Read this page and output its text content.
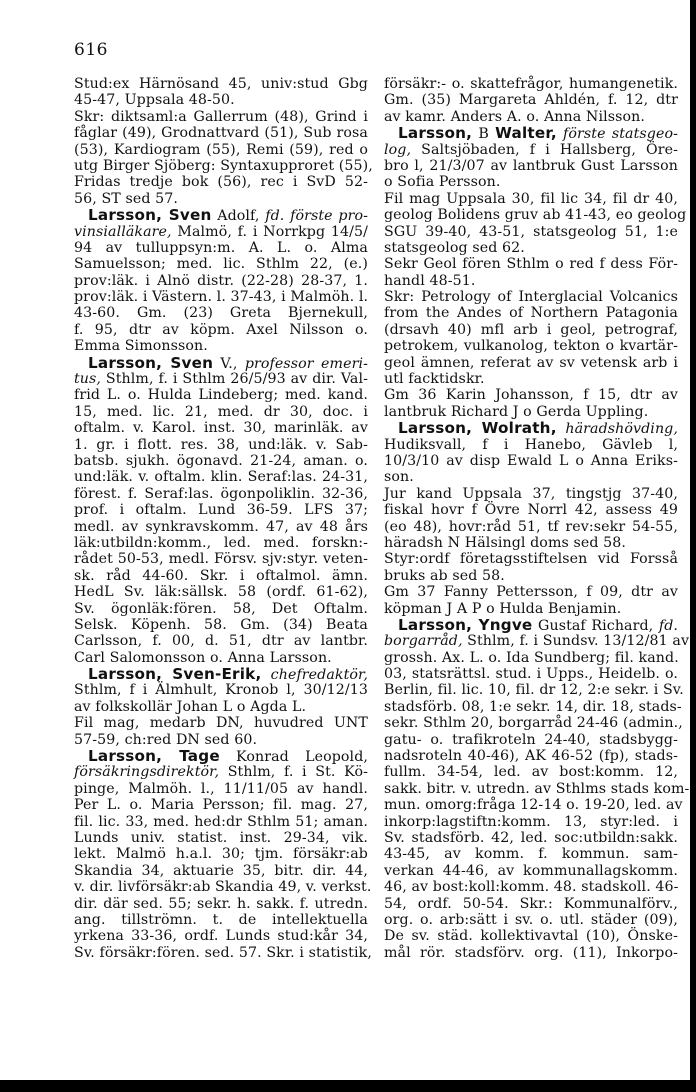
616
Stud:ex Härnösand 45, univ:stud Gbg
45-47, Uppsala 48-50.
Skr: diktsaml:a Gallerrum (48), Grind i
fåglar (49), Grodnattvard (51), Sub rosa
(53), Kardiogram (55), Remi (59), red o
utg Birger Sjöberg: Syntaxupproret (55),
Fridas tredje bok (56), rec i SvD 52-
56, ST sed 57.
Larsson, Sven Adolf, fd. förste pro-
vinsialläkare, Malmö, f. i Norrkpg 14/5/
94 av tulluppsyn:m. A. L. o. Alma
Samuelsson; med. lic. Sthlm 22, (e.)
prov:läk. i Alnö distr. (22-28) 28-37, 1.
prov:läk. i Västern. l. 37-43, i Malmöh. l.
43-60. Gm. (23) Greta Bjernekull,
f. 95, dtr av köpm. Axel Nilsson o.
Emma Simonsson.
Larsson, Sven V., professor emeri-
tus, Sthlm, f. i Sthlm 26/5/93 av dir. Val-
frid L. o. Hulda Lindeberg; med. kand.
15, med. lic. 21, med. dr 30, doc. i
oftalm. v. Karol. inst. 30, marinläk. av
1. gr. i flott. res. 38, und:läk. v. Sab-
batsb. sjukh. ögonavd. 21-24, aman. o.
und:läk. v. oftalm. klin. Seraf:las. 24-31,
förest. f. Seraf:las. ögonpoliklin. 32-36,
prof. i oftalm. Lund 36-59. LFS 37;
medl. av synkravskomm. 47, av 48 års
läk:utbildn:komm., led. med. forskn:-
rådet 50-53, medl. Försv. sjv:styr. veten-
sk. råd 44-60. Skr. i oftalmol. ämn.
HedL Sv. läk:sällsk. 58 (ordf. 61-62),
Sv. ögonläk:fören. 58, Det Oftalm.
Selsk. Köpenh. 58. Gm. (34) Beata
Carlsson, f. 00, d. 51, dtr av lantbr.
Carl Salomonsson o. Anna Larsson.
Larsson, Sven-Erik, chefredaktör,
Sthlm, f i Älmhult, Kronob l, 30/12/13
av folkskollär Johan L o Agda L.
Fil mag, medarb DN, huvudred UNT
57-59, ch:red DN sed 60.
Larsson, Tage Konrad Leopold,
försäkringsdirektör, Sthlm, f. i St. Kö-
pinge, Malmöh. l., 11/11/05 av handl.
Per L. o. Maria Persson; fil. mag. 27,
fil. lic. 33, med. hed:dr Sthlm 51; aman.
Lunds univ. statist. inst. 29-34, vik.
lekt. Malmö h.a.l. 30; tjm. försäkr:ab
Skandia 34, aktuarie 35, bitr. dir. 44,
v. dir. livförsäkr:ab Skandia 49, v. verkst.
dir. där sed. 55; sekr. h. sakk. f. utredn.
ang. tillströmn. t. de intellektuella
yrkena 33-36, ordf. Lunds stud:kår 34,
Sv. försäkr:fören. sed. 57. Skr. i statistik,
försäkr:- o. skattefrågor, humangenetik.
Gm. (35) Margareta Ahldén, f. 12, dtr
av kamr. Anders A. o. Anna Nilsson.
Larsson, B Walter, förste statsgeo-
log, Saltsjöbaden, f i Hallsberg, Öre-
bro l, 21/3/07 av lantbruk Gust Larsson
o Sofia Persson.
Fil mag Uppsala 30, fil lic 34, fil dr 40,
geolog Bolidens gruv ab 41-43, eo geolog
SGU 39-40, 43-51, statsgeolog 51, 1:e
statsgeolog sed 62.
Sekr Geol fören Sthlm o red f dess För-
handl 48-51.
Skr: Petrology of Interglacial Volcanics
from the Andes of Northern Patagonia
(drsavh 40) mfl arb i geol, petrograf,
petrokem, vulkanolog, tekton o kvartär-
geol ämnen, referat av sv vetensk arb i
utl facktidskr.
Gm 36 Karin Johansson, f 15, dtr av
lantbruk Richard J o Gerda Uppling.
Larsson, Wolrath, häradshövding,
Hudiksvall, f i Hanebo, Gävleb l,
10/3/10 av disp Ewald L o Anna Eriks-
son.
Jur kand Uppsala 37, tingstjg 37-40,
fiskal hovr f Övre Norrl 42, assess 49
(eo 48), hovr:råd 51, tf rev:sekr 54-55,
häradsh N Hälsingl doms sed 58.
Styr:ordf företagsstiftelsen vid Forsså
bruks ab sed 58.
Gm 37 Fanny Pettersson, f 09, dtr av
köpman J A P o Hulda Benjamin.
Larsson, Yngve Gustaf Richard, fd.
borgarråd, Sthlm, f. i Sundsv. 13/12/81 av
grossh. Ax. L. o. Ida Sundberg; fil. kand.
03, statsrättsl. stud. i Upps., Heidelb. o.
Berlin, fil. lic. 10, fil. dr 12, 2:e sekr. i Sv.
stadsförb. 08, 1:e sekr. 14, dir. 18, stads-
sekr. Sthlm 20, borgarråd 24-46 (admin.,
gatu- o. trafikroteln 24-40, stadsbygg-
nadsroteln 40-46), AK 46-52 (fp), stads-
fullm. 34-54, led. av bost:komm. 12,
sakk. bitr. v. utredn. av Sthlms stads kom-
mun. omorg:fråga 12-14 o. 19-20, led. av
inkorp:lagstiftn:komm. 13, styr:led. i
Sv. stadsförb. 42, led. soc:utbildn:sakk.
43-45, av komm. f. kommun. sam-
verkan 44-46, av kommunallagskomm.
46, av bost:koll:komm. 48. stadskoll. 46-
54, ordf. 50-54. Skr.: Kommunalförv.,
org. o. arb:sätt i sv. o. utl. städer (09),
De sv. städ. kollektivavtal (10), Önske-
mål rör. stadsförv. org. (11), Inkorpo-
